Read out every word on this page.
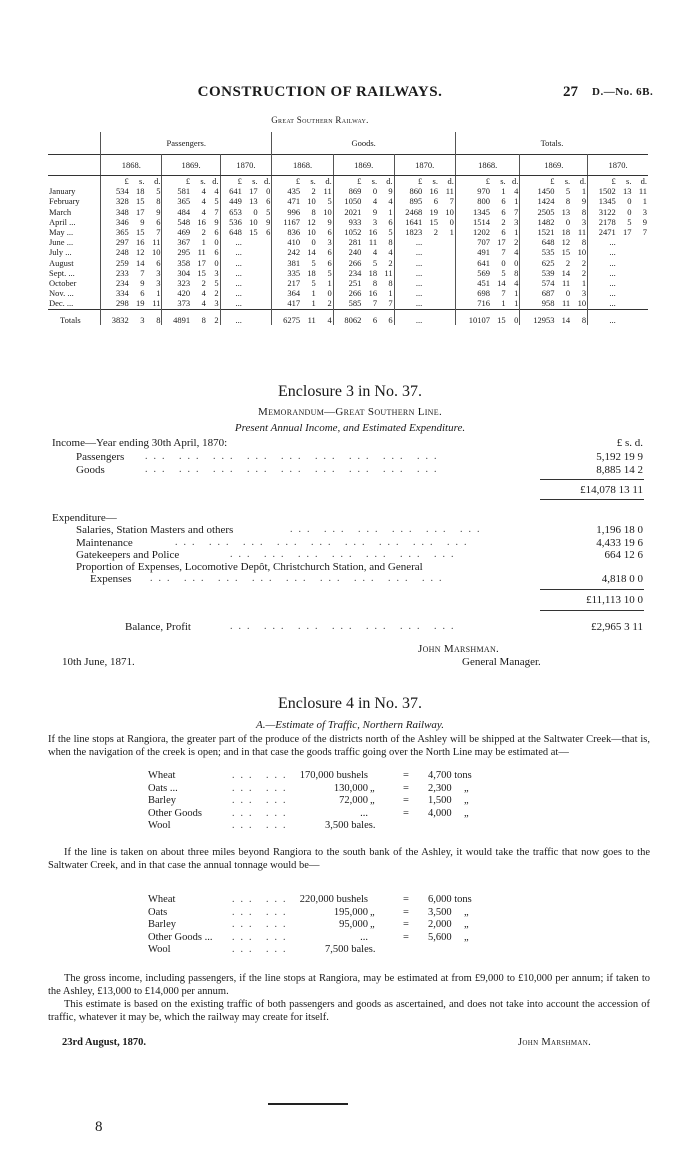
CONSTRUCTION OF RAILWAYS.	27 D.—No. 6B.
Great Southern Railway.
	Passengers.									Goods.									Totals.								
	1868.			1869.			1870.			1868.			1869.			1870.			1868.			1869.			1870.		
	£	s.	d.	£	s.	d.	£	s.	d.	£	s.	d.	£	s.	d.	£	s.	d.	£	s.	d.	£	s.	d.	£	s.	d.
January	534	18	5	581	4	4	641	17	0	435	2	11	869	0	9	860	16	11	970	1	4	1450	5	1	1502	13	11
February	328	15	8	365	4	5	449	13	6	471	10	5	1050	4	4	895	6	7	800	6	1	1424	8	9	1345	0	1
March	348	17	9	484	4	7	653	0	5	996	8	10	2021	9	1	2468	19	10	1345	6	7	2505	13	8	3122	0	3
April ...	346	9	6	548	16	9	536	10	9	1167	12	9	933	3	6	1641	15	0	1514	2	3	1482	0	3	2178	5	9
May ...	365	15	7	469	2	6	648	15	6	836	10	6	1052	16	5	1823	2	1	1202	6	1	1521	18	11	2471	17	7
June ...	297	16	11	367	1	0	...			410	0	3	281	11	8	...			707	17	2	648	12	8	...		
July ...	248	12	10	295	11	6	...			242	14	6	240	4	4	...			491	7	4	535	15	10	...		
August	259	14	6	358	17	0	...			381	5	6	266	5	2	...			641	0	0	625	2	2	...		
Sept. ...	233	7	3	304	15	3	...			335	18	5	234	18	11	...			569	5	8	539	14	2	...		
October	234	9	3	323	2	5	...			217	5	1	251	8	8	...			451	14	4	574	11	1	...		
Nov. ...	334	6	1	420	4	2	...			364	1	0	266	16	1	...			698	7	1	687	0	3	...		
Dec. ...	298	19	11	373	4	3	...			417	1	2	585	7	7	...			716	1	1	958	11	10	...		
Totals	3832	3	8	4891	8	2	...			6275	11	4	8062	6	6	...			10107	15	0	12953	14	8	...		
Enclosure 3 in No. 37.
Memorandum—Great Southern Line.
Present Annual Income, and Estimated Expenditure.
Income—Year ending 30th April, 1870:	£ s. d.
Passengers ... ... ... ... ... ... ... ... ...	5,192 19 9
Goods	... ... ... ... ... ... ... ... ...	8,885 14 2
£14,078 13 11
Expenditure—
Salaries, Station Masters and others	... ... ... ... ... ...	1,196 18 0
Maintenance	... ... ... ... ... ... ... ... ...	4,433 19 6
Gatekeepers and Police	... ... ... ... ... ... ...	664 12 6
Proportion of Expenses, Locomotive Depôt, Christchurch Station, and General
Expenses ... ... ... ... ... ... ... ... ...	4,818 0 0
£11,113 10 0
Balance, Profit	... ... ... ... ... ... ...	£2,965 3 11
John Marshman.
General Manager.
10th June, 1871.
Enclosure 4 in No. 37.
A.—Estimate of Traffic, Northern Railway.
If the line stops at Rangiora, the greater part of the produce of the districts north of the Ashley will be shipped at the Saltwater Creek—that is, when the navigation of the creek is open; and in that case the goods traffic going over the North Line may be estimated at—
... ...
Wheat	170,000 bushels	= 4,700 tons
... ...
Oats ...	130,000 „	= 2,300 „
... ...
Barley	72,000 „	= 1,500 „
... ...
Other Goods	...	= 4,000 „
... ...
Wool	3,500 bales.
If the line is taken on about three miles beyond Rangiora to the south bank of the Ashley, it would take the traffic that now goes to the Saltwater Creek, and in that case the annual tonnage would be—
... ...
Wheat	220,000 bushels	= 6,000 tons
... ...
Oats	195,000 „	= 3,500 „
... ...
Barley	95,000 „	= 2,000 „
... ...
Other Goods ...	...	= 5,600 „
... ...
Wool	7,500 bales.
The gross income, including passengers, if the line stops at Rangiora, may be estimated at from £9,000 to £10,000 per annum; if taken to the Ashley, £13,000 to £14,000 per annum.
This estimate is based on the existing traffic of both passengers and goods as ascertained, and does not take into account the accession of traffic, whatever it may be, which the railway may create for itself.
23rd August, 1870.	John Marshman.
8
